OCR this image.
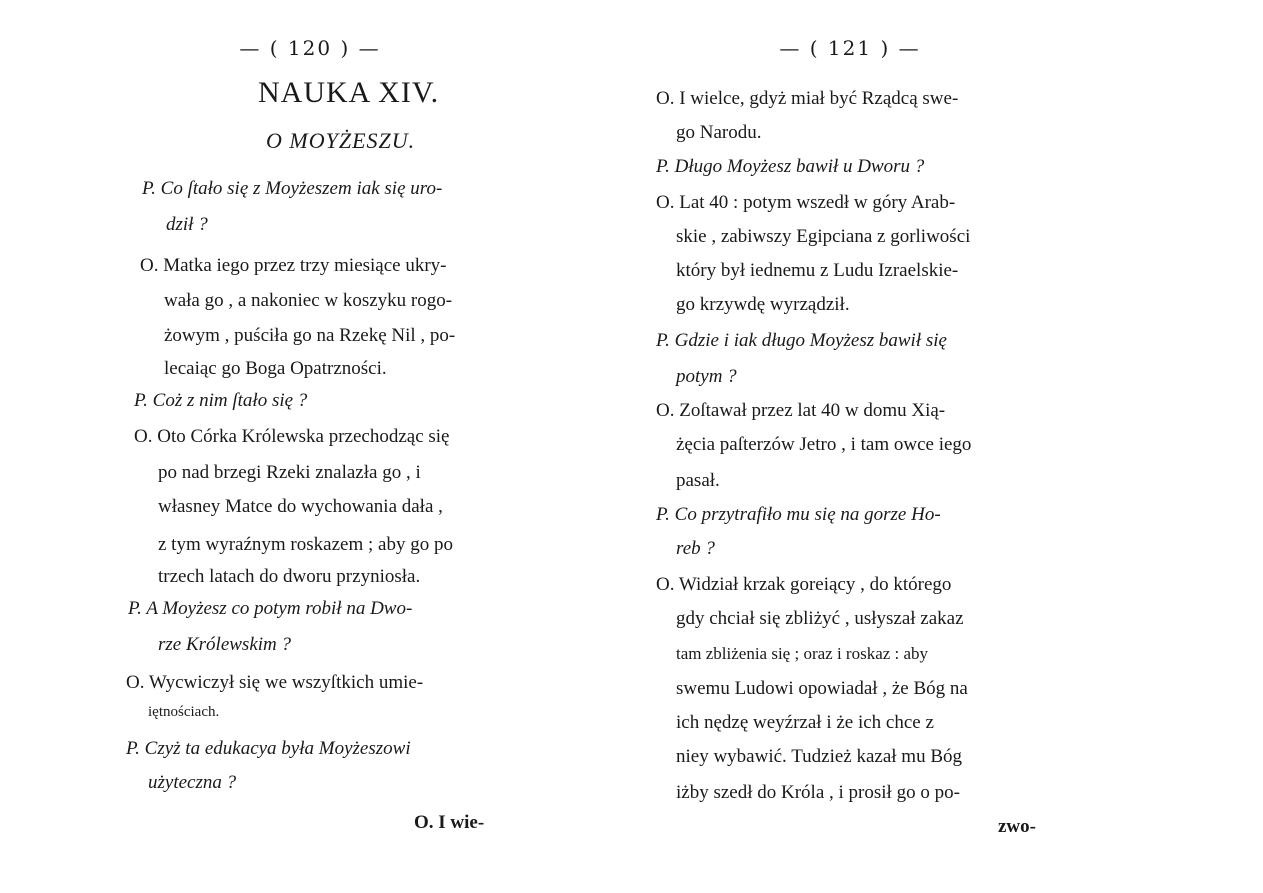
— ( 120 ) —
NAUKA XIV.
O MOYŻESZU.
P. Co ſtało się z Moyżeszem iak się uro-
dził ?
O. Matka iego przez trzy miesiące ukry-
wała go , a nakoniec w koszyku rogo-
żowym , puściła go na Rzekę Nil , po-
lecaiąc go Boga Opatrzności.
P. Coż z nim ſtało się ?
O. Oto Córka Królewska przechodząc się
po nad brzegi Rzeki znalazła go , i
własney Matce do wychowania dała ,
z tym wyraźnym roskazem ; aby go po
trzech latach do dworu przyniosła.
P. A Moyżesz co potym robił na Dwo-
rze Królewskim ?
O. Wycwiczył się we wszyſtkich umie-
iętnościach.
P. Czyż ta edukacya była Moyżeszowi
użyteczna ?
O. I wie-
— ( 121 ) —
O. I wielce, gdyż miał być Rządcą swe-
go Narodu.
P. Długo Moyżesz bawił u Dworu ?
O. Lat 40 : potym wszedł w góry Arab-
skie , zabiwszy Egipciana z gorliwości
który był iednemu z Ludu Izraelskie-
go krzywdę wyrządził.
P. Gdzie i iak długo Moyżesz bawił się
potym ?
O. Zoſtawał przez lat 40 w domu Xią-
żęcia paſterzów Jetro , i tam owce iego
pasał.
P. Co przytrafiło mu się na gorze Ho-
reb ?
O. Widział krzak goreiący , do którego
gdy chciał się zbliżyć , usłyszał zakaz
tam zbliżenia się ; oraz i roskaz : aby
swemu Ludowi opowiadał , że Bóg na
ich nędzę weyźrzał i że ich chce z
niey wybawić. Tudzież kazał mu Bóg
iżby szedł do Króla , i prosił go o po-
zwo-
